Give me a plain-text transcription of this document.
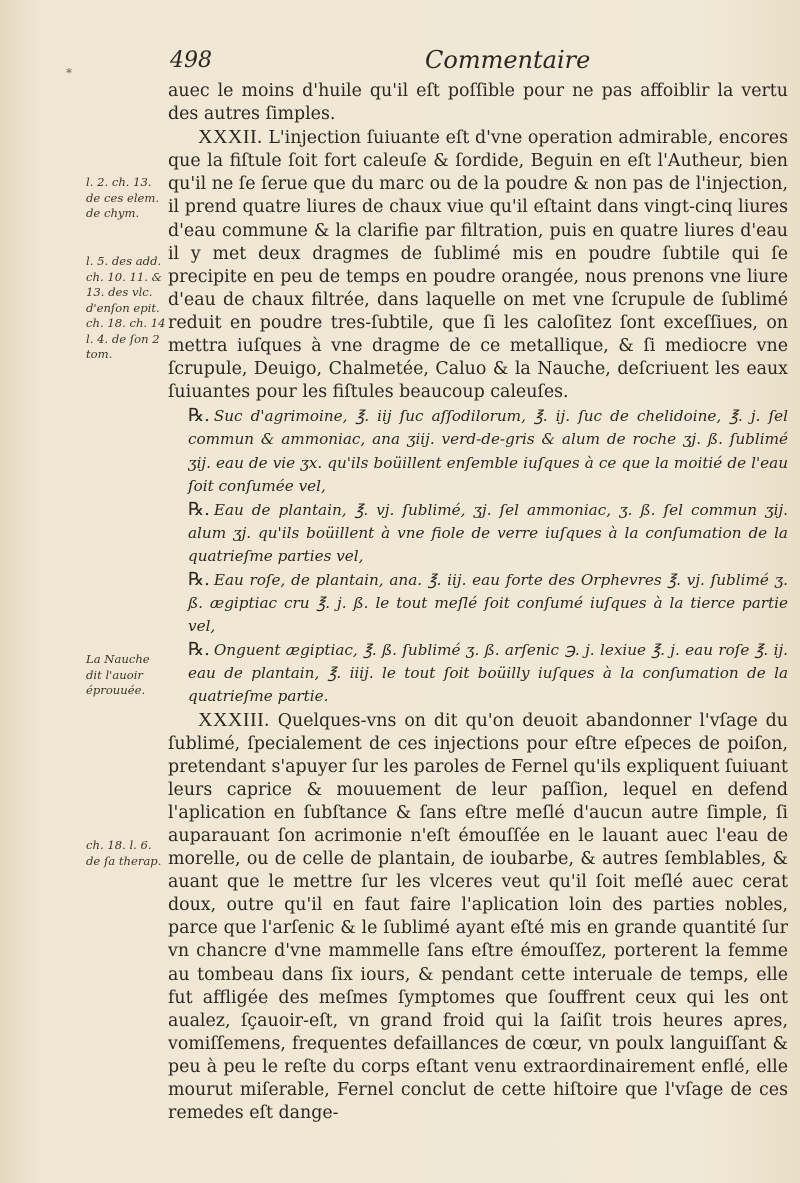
*	498	Commentaire
l. 2. ch. 13. de ces elem. de chym.
l. 5. des add. ch. 10. 11. & 13. des vlc. d'enſon epit. ch. 18. ch. 14 l. 4. de ſon 2 tom.
La Nauche dit l'auoir éprouuée.
ch. 18. l. 6. de ſa therap.

auec le moins d'huile qu'il eſt poſſible pour ne pas affoiblir la vertu des autres ſimples.

XXXII. L'injection ſuiuante eſt d'vne operation admirable, encores que la fiſtule ſoit fort caleuſe & ſordide, Beguin en eſt l'Autheur, bien qu'il ne ſe ſerue que du marc ou de la poudre & non pas de l'injection, il prend quatre liures de chaux viue qu'il eſtaint dans vingt-cinq liures d'eau commune & la clarifie par filtration, puis en quatre liures d'eau il y met deux dragmes de ſublimé mis en poudre ſubtile qui ſe precipite en peu de temps en poudre orangée, nous prenons vne liure d'eau de chaux filtrée, dans laquelle on met vne ſcrupule de ſublimé reduit en poudre tres-ſubtile, que ſi les caloſitez ſont exceſſiues, on mettra iuſques à vne dragme de ce metallique, & ſi mediocre vne ſcrupule, Deuigo, Chalmetée, Caluo & la Nauche, deſcriuent les eaux ſuiuantes pour les fiſtules beaucoup caleuſes.

℞. Suc d'agrimoine, ℥. iij ſuc aſſodilorum, ℥. ij. ſuc de chelidoine, ℥. j. ſel commun & ammoniac, ana ʒiij. verd-de-gris & alum de roche ʒj. ß. ſublimé ʒij. eau de vie ʒx. qu'ils boüillent enſemble iuſques à ce que la moitié de l'eau ſoit conſumée vel,

℞. Eau de plantain, ℥. vj. ſublimé, ʒj. ſel ammoniac, ʒ. ß. ſel commun ʒij. alum ʒj. qu'ils boüillent à vne fiole de verre iuſques à la conſumation de la quatrieſme parties vel,

℞. Eau roſe, de plantain, ana. ℥. iij. eau forte des Orphevres ℥. vj. ſublimé ʒ. ß. ægiptiac cru ℥. j. ß. le tout meſlé ſoit conſumé iuſques à la tierce partie vel,

℞. Onguent ægiptiac, ℥. ß. ſublimé ʒ. ß. arſenic ℈. j. lexiue ℥. j. eau roſe ℥. ij. eau de plantain, ℥. iiij. le tout ſoit boüilly iuſques à la conſumation de la quatrieſme partie.

XXXIII. Quelques-vns on dit qu'on deuoit abandonner l'vſage du ſublimé, ſpecialement de ces injections pour eſtre eſpeces de poiſon, pretendant s'apuyer ſur les paroles de Fernel qu'ils expliquent ſuiuant leurs caprice & mouuement de leur paſſion, lequel en defend l'aplication en ſubſtance & ſans eſtre meſlé d'aucun autre ſimple, ſi auparauant ſon acrimonie n'eſt émouſſée en le lauant auec l'eau de morelle, ou de celle de plantain, de ioubarbe, & autres ſemblables, & auant que le mettre ſur les vlceres veut qu'il ſoit meſlé auec cerat doux, outre qu'il en faut faire l'aplication loin des parties nobles, parce que l'arſenic & le ſublimé ayant eſté mis en grande quantité ſur vn chancre d'vne mammelle ſans eſtre émouſſez, porterent la femme au tombeau dans ſix iours, & pendant cette interuale de temps, elle fut affligée des meſmes ſymptomes que ſouffrent ceux qui les ont aualez, ſçauoir-eſt, vn grand froid qui la ſaiſit trois heures apres, vomiſſemens, frequentes defaillances de cœur, vn poulx languiſſant & peu à peu le reſte du corps eſtant venu extraordinairement enflé, elle mourut miſerable, Fernel conclut de cette hiſtoire que l'vſage de ces remedes eſt dange-
